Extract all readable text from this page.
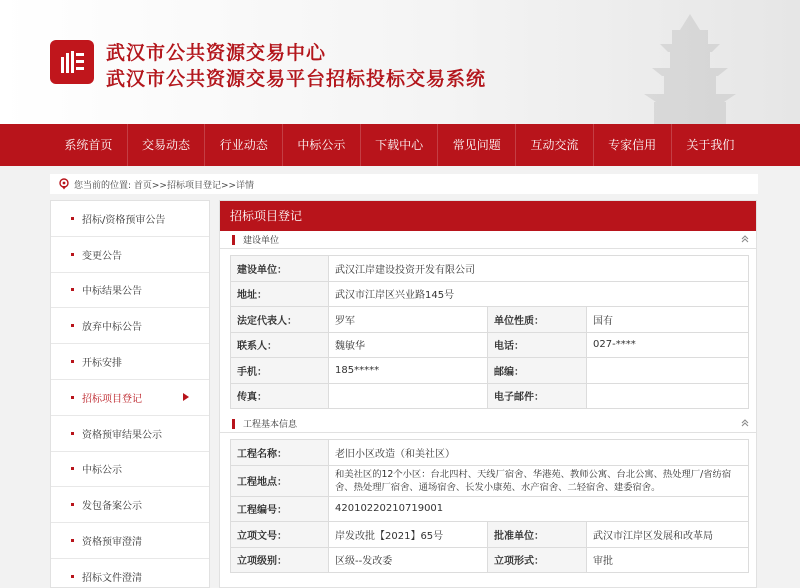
武汉市公共资源交易中心
武汉市公共资源交易平台招标投标交易系统
系统首页	交易动态	行业动态	中标公示	下载中心	常见问题	互动交流	专家信用	关于我们
您当前的位置: 首页>>招标项目登记>>详情
招标/资格预审公告
变更公告
中标结果公告
放弃中标公告
开标安排
招标项目登记
资格预审结果公示
中标公示
发包备案公示
资格预审澄清
招标文件澄清
招标项目登记
建设单位
建设单位：	武汉江岸建设投资开发有限公司		
地址：	武汉市江岸区兴业路145号		
法定代表人：	罗军	单位性质：	国有
联系人：	魏敏华	电话：	027-****
手机：	185*****	邮编：	
传真：		电子邮件：	
工程基本信息
工程名称：	老旧小区改造（和美社区）		
工程地点：	和美社区的12个小区：台北四村、天线厂宿舍、华港苑、教师公寓、台北公寓、热处理厂/省纺宿舍、热处理厂宿舍、通场宿舍、长发小康苑、水产宿舍、二轻宿舍、建委宿舍。		
工程编号：	42010220210719001		
立项文号：	岸发改批【2021】65号	批准单位：	武汉市江岸区发展和改革局
立项级别：	区级--发改委	立项形式：	审批
